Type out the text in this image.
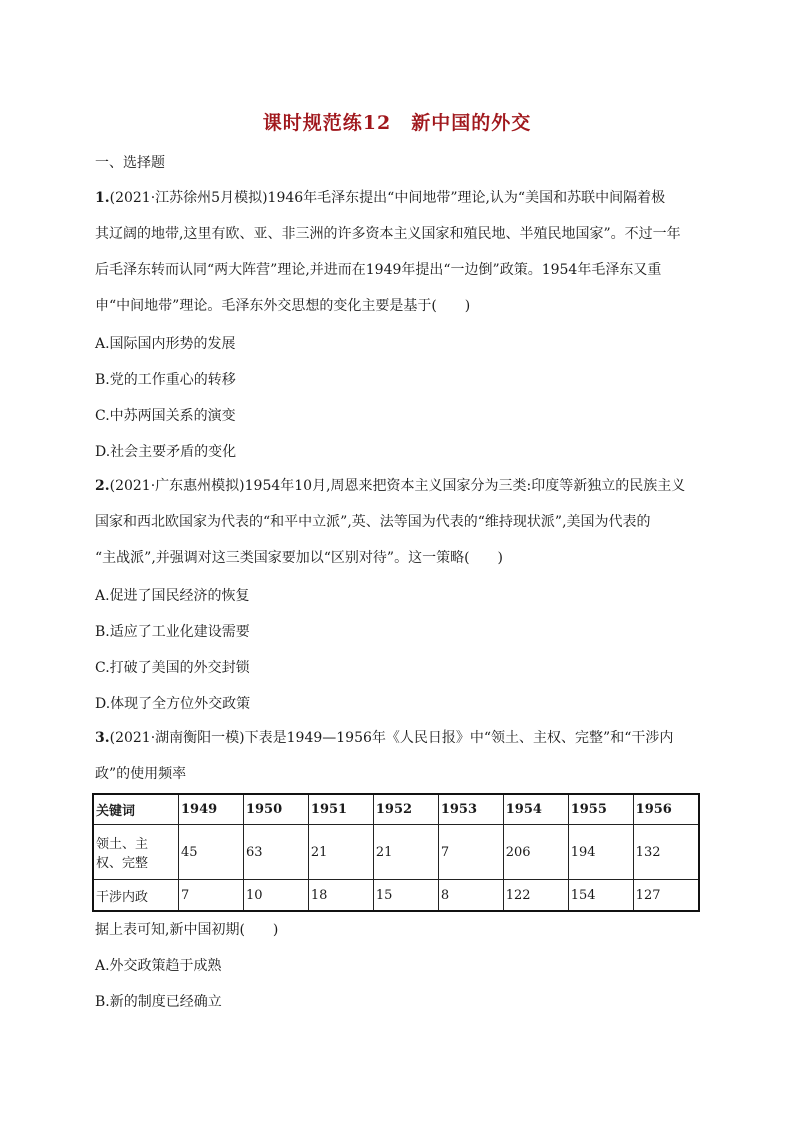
课时规范练12　新中国的外交
一、选择题
1.(2021·江苏徐州5月模拟)1946年毛泽东提出“中间地带”理论,认为“美国和苏联中间隔着极
其辽阔的地带,这里有欧、亚、非三洲的许多资本主义国家和殖民地、半殖民地国家”。不过一年
后毛泽东转而认同“两大阵营”理论,并进而在1949年提出“一边倒”政策。1954年毛泽东又重
申“中间地带”理论。毛泽东外交思想的变化主要是基于(　　)
A.国际国内形势的发展
B.党的工作重心的转移
C.中苏两国关系的演变
D.社会主要矛盾的变化
2.(2021·广东惠州模拟)1954年10月,周恩来把资本主义国家分为三类:印度等新独立的民族主义
国家和西北欧国家为代表的“和平中立派”,英、法等国为代表的“维持现状派”,美国为代表的
“主战派”,并强调对这三类国家要加以“区别对待”。这一策略(　　)
A.促进了国民经济的恢复
B.适应了工业化建设需要
C.打破了美国的外交封锁
D.体现了全方位外交政策
3.(2021·湖南衡阳一模)下表是1949—1956年《人民日报》中“领土、主权、完整”和“干涉内
政”的使用频率
关键词	1949	1950	1951	1952	1953	1954	1955	1956

领土、主
权、完整	45	63	21	21	7	206	194	132
干涉内政	7	10	18	15	8	122	154	127
据上表可知,新中国初期(　　)
A.外交政策趋于成熟
B.新的制度已经确立
